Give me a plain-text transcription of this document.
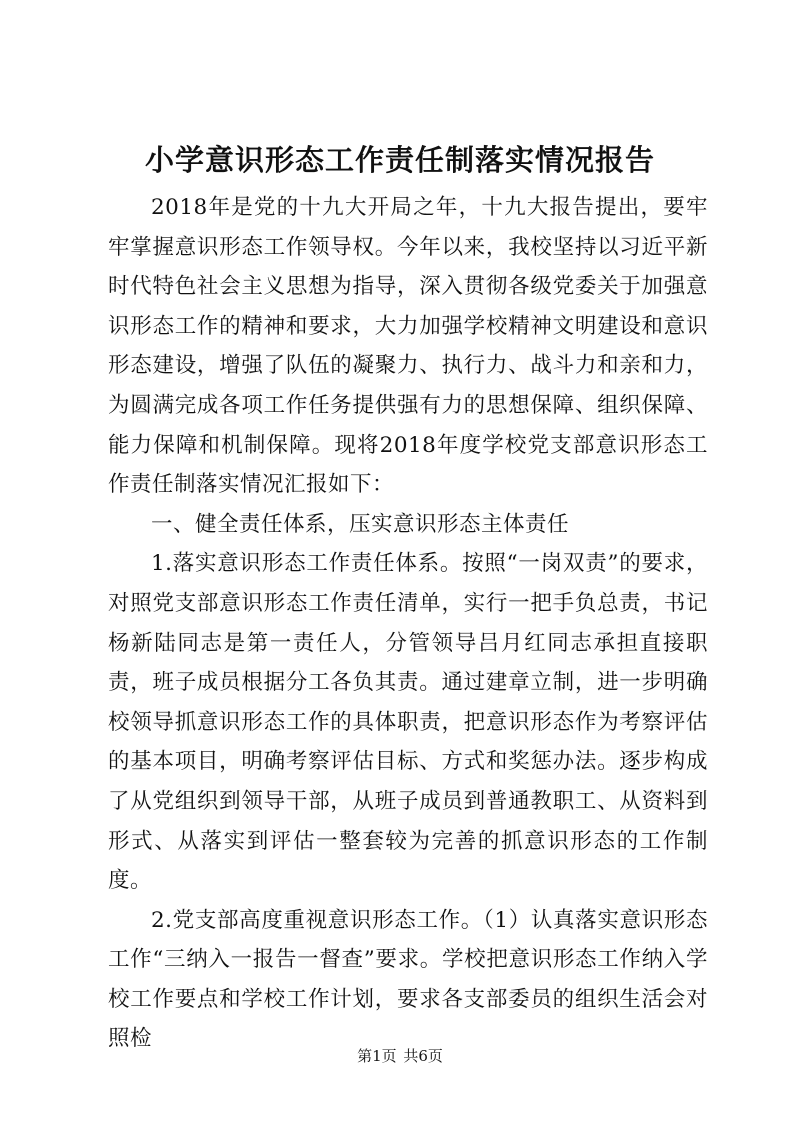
小学意识形态工作责任制落实情况报告

2018年是党的十九大开局之年，十九大报告提出，要牢牢掌握意识形态工作领导权。今年以来，我校坚持以习近平新时代特色社会主义思想为指导，深入贯彻各级党委关于加强意识形态工作的精神和要求，大力加强学校精神文明建设和意识形态建设，增强了队伍的凝聚力、执行力、战斗力和亲和力，为圆满完成各项工作任务提供强有力的思想保障、组织保障、能力保障和机制保障。现将2018年度学校党支部意识形态工作责任制落实情况汇报如下：

一、健全责任体系，压实意识形态主体责任

1.落实意识形态工作责任体系。按照“一岗双责”的要求，对照党支部意识形态工作责任清单，实行一把手负总责，书记杨新陆同志是第一责任人，分管领导吕月红同志承担直接职责，班子成员根据分工各负其责。通过建章立制，进一步明确校领导抓意识形态工作的具体职责，把意识形态作为考察评估的基本项目，明确考察评估目标、方式和奖惩办法。逐步构成了从党组织到领导干部，从班子成员到普通教职工、从资料到形式、从落实到评估一整套较为完善的抓意识形态的工作制度。

2.党支部高度重视意识形态工作。（1）认真落实意识形态工作“三纳入一报告一督查”要求。学校把意识形态工作纳入学校工作要点和学校工作计划，要求各支部委员的组织生活会对照检

第1页 共6页
